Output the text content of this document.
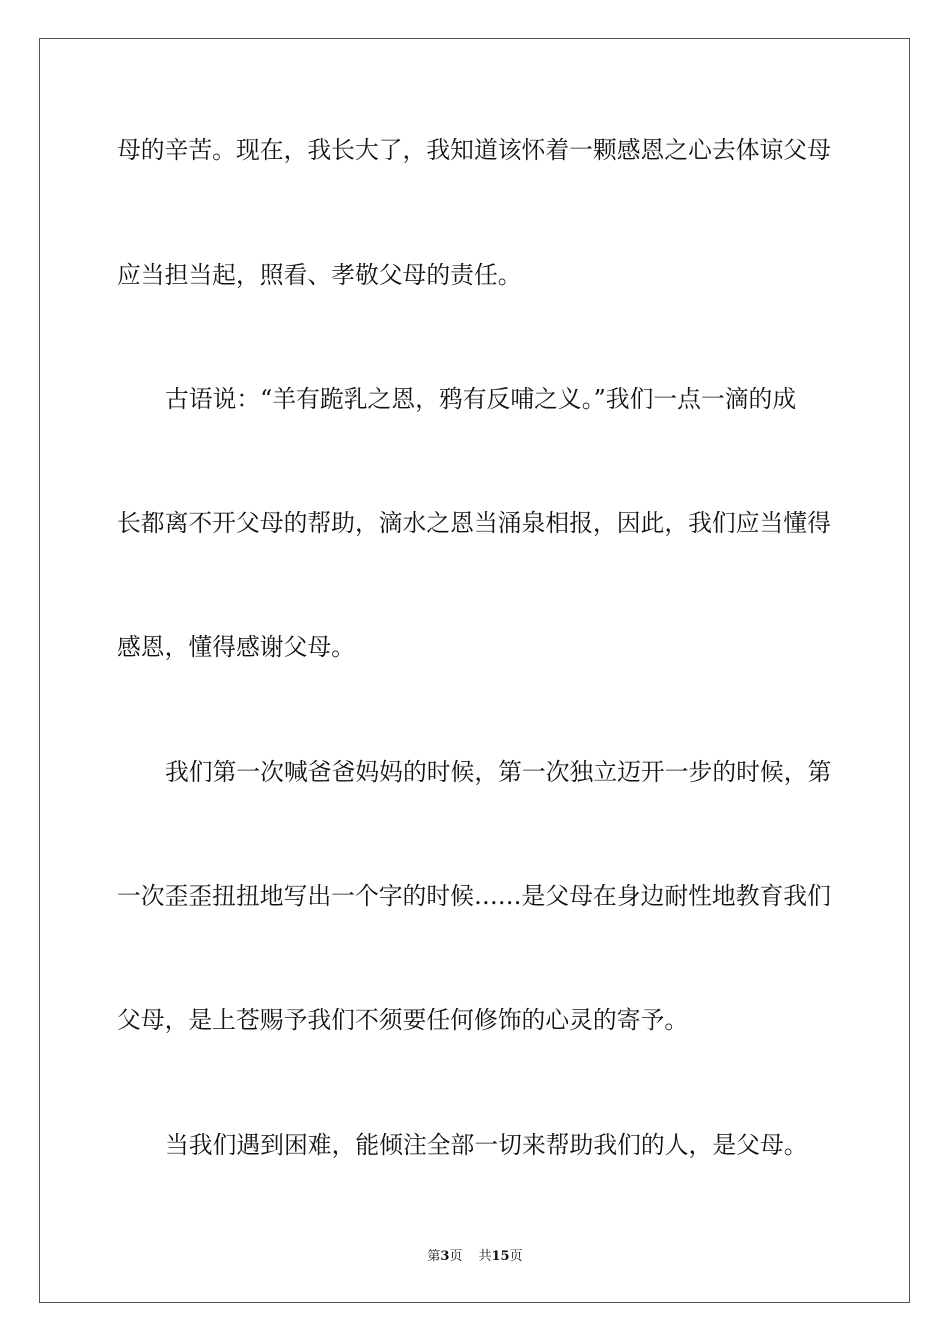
母的辛苦。现在，我长大了，我知道该怀着一颗感恩之心去体谅父母
应当担当起，照看、孝敬父母的责任。
古语说：“羊有跪乳之恩，鸦有反哺之义。”我们一点一滴的成
长都离不开父母的帮助，滴水之恩当涌泉相报，因此，我们应当懂得
感恩，懂得感谢父母。
我们第一次喊爸爸妈妈的时候，第一次独立迈开一步的时候，第
一次歪歪扭扭地写出一个字的时候……是父母在身边耐性地教育我们
父母，是上苍赐予我们不须要任何修饰的心灵的寄予。
当我们遇到困难，能倾注全部一切来帮助我们的人，是父母。
第3页 共15页
